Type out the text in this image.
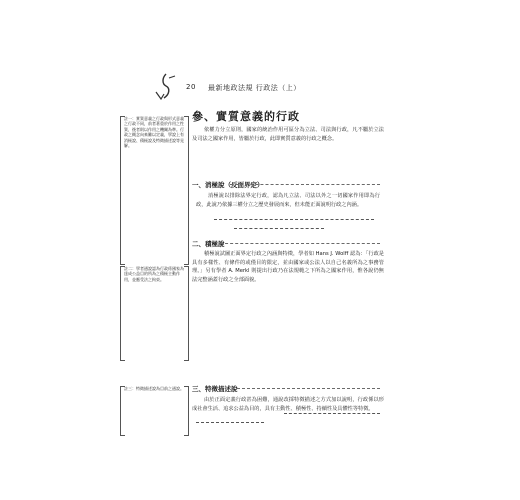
20 最新地政法規 行政法（上）
註一：實質意義之行政與形式意義之行政不同，前者著重於作用之性質，後者則以作用之機關為準。行政之概念向來難以定義，學說上有消極說、積極說及特徵描述說等見解。
註二：學者通說認為行政係國家為達成公益目的所為之積極主動作用，並應受法之拘束。
註三：特徵描述說為目前之通說。
參、實質意義的行政
依權力分立原則，國家的統治作用可區分為立法、司法與行政，凡不屬於立法及司法之國家作用，皆屬於行政，此即實質意義的行政之概念。
一、消極說（反面界定）
消極說以排除法界定行政，認為凡立法、司法以外之一切國家作用即為行政，此說乃依據三權分立之歷史發展而來，但未能正面說明行政之內涵。
二、積極說
積極說試圖正面界定行政之內涵與特徵，學者如 Hans J. Wolff 認為：「行政是具有多樣性、有條件的或僅目的限定，並由國家或公法人以自己名義所為之事務管理。」另有學者 A. Merkl 則提出行政乃在法規範之下所為之國家作用，惟各說仍無法完整涵蓋行政之全部面貌。
三、特徵描述說
由於正面定義行政甚為困難，通說改採特徵描述之方式加以說明，行政係以形成社會生活、追求公益為目的，具有主動性、積極性、持續性及具體性等特徵。
